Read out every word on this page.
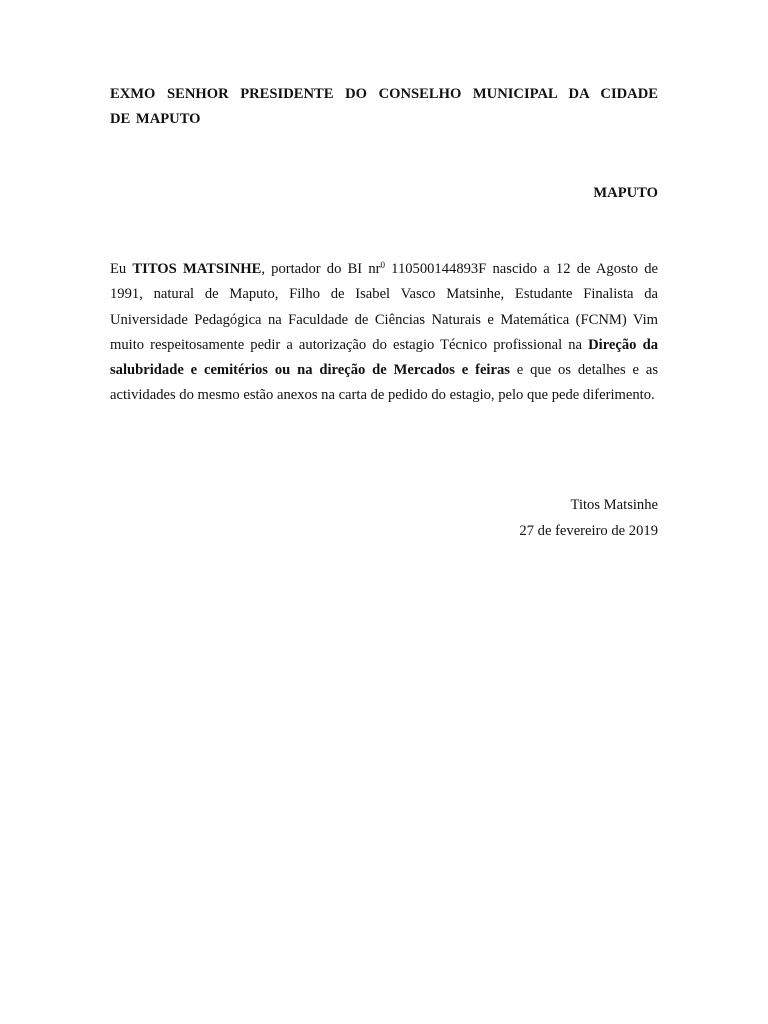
EXMO SENHOR PRESIDENTE DO CONSELHO MUNICIPAL DA CIDADE
DE MAPUTO
MAPUTO

Eu TITOS MATSINHE, portador do BI $nr^0$ 110500144893F nascido a 12 de Agosto de 1991, natural de Maputo, Filho de Isabel Vasco Matsinhe, Estudante Finalista da Universidade Pedagógica na Faculdade de Ciências Naturais e Matemática (FCNM) Vim muito respeitosamente pedir a autorização do estagio Técnico profissional na Direção da salubridade e cemitérios ou na direção de Mercados e feiras e que os detalhes e as actividades do mesmo estão anexos na carta de pedido do estagio, pelo que pede diferimento.

Titos Matsinhe
27 de fevereiro de 2019
